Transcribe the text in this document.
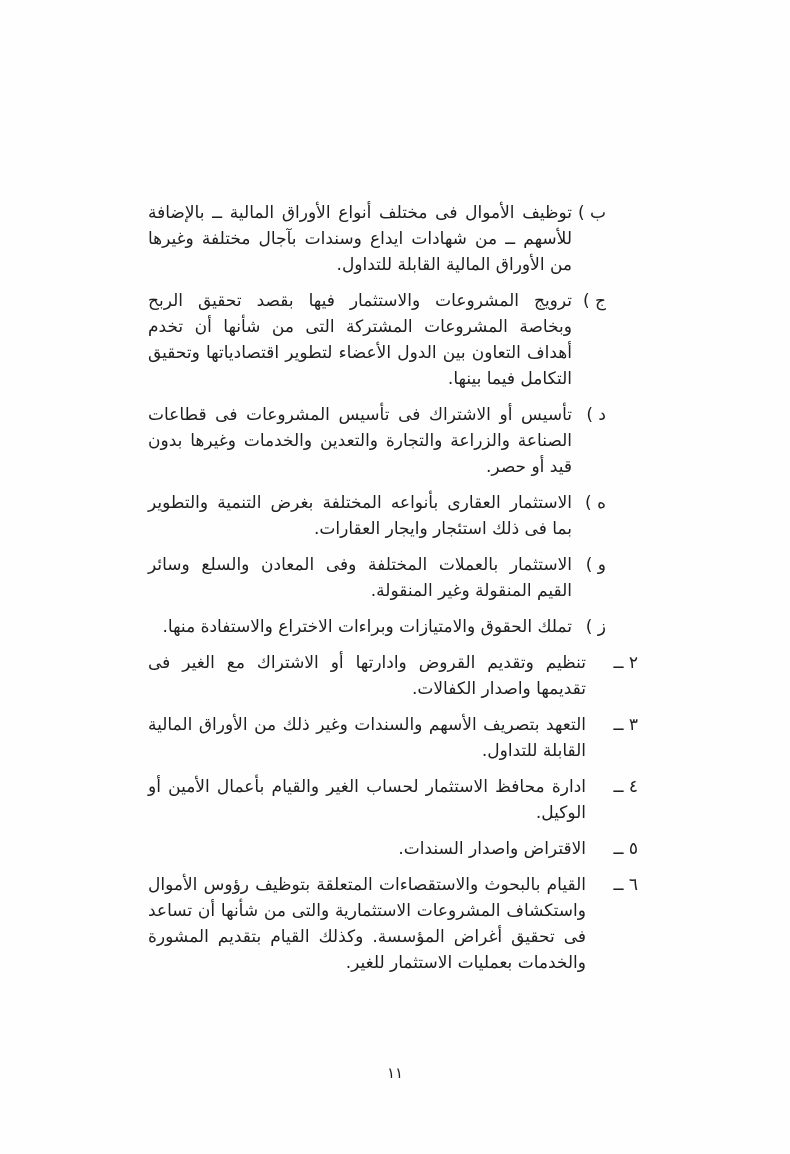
ب )
توظيف الأموال فى مختلف أنواع الأوراق المالية ــ بالإضافة للأسهم ــ من شهادات ايداع وسندات بآجال مختلفة وغيرها من الأوراق المالية القابلة للتداول.
ج )
ترويج المشروعات والاستثمار فيها بقصد تحقيق الربح وبخاصة المشروعات المشتركة التى من شأنها أن تخدم أهداف التعاون بين الدول الأعضاء لتطوير اقتصادياتها وتحقيق التكامل فيما بينها.
د )
تأسيس أو الاشتراك فى تأسيس المشروعات فى قطاعات الصناعة والزراعة والتجارة والتعدين والخدمات وغيرها بدون قيد أو حصر.
ه )
الاستثمار العقارى بأنواعه المختلفة بغرض التنمية والتطوير بما فى ذلك استئجار وايجار العقارات.
و )
الاستثمار بالعملات المختلفة وفى المعادن والسلع وسائر القيم المنقولة وغير المنقولة.
ز )
تملك الحقوق والامتيازات وبراءات الاختراع والاستفادة منها.
٢ ــ
تنظيم وتقديم القروض وادارتها أو الاشتراك مع الغير فى تقديمها واصدار الكفالات.
٣ ــ
التعهد بتصريف الأسهم والسندات وغير ذلك من الأوراق المالية القابلة للتداول.
٤ ــ
ادارة محافظ الاستثمار لحساب الغير والقيام بأعمال الأمين أو الوكيل.
٥ ــ
الاقتراض واصدار السندات.
٦ ــ
القيام بالبحوث والاستقصاءات المتعلقة بتوظيف رؤوس الأموال واستكشاف المشروعات الاستثمارية والتى من شأنها أن تساعد فى تحقيق أغراض المؤسسة. وكذلك القيام بتقديم المشورة والخدمات بعمليات الاستثمار للغير.
١١
